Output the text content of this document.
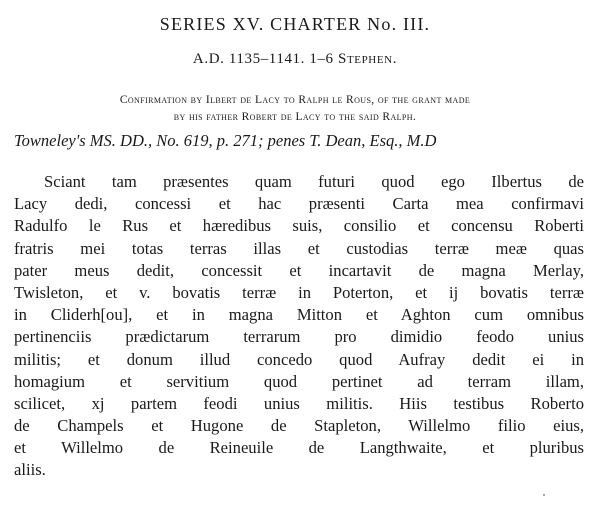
SERIES XV. CHARTER No. III.
A.D. 1135–1141. 1–6 Stephen.
Confirmation by Ilbert de Lacy to Ralph le Rous, of the grant made
by his father Robert de Lacy to the said Ralph.
Towneley's MS. DD., No. 619, p. 271; penes T. Dean, Esq., M.D
Sciant tam præsentes quam futuri quod ego Ilbertus de
Lacy dedi, concessi et hac præsenti Carta mea confirmavi
Radulfo le Rus et hæredibus suis, consilio et concensu Roberti
fratris mei totas terras illas et custodias terræ meæ quas
pater meus dedit, concessit et incartavit de magna Merlay,
Twisleton, et v. bovatis terræ in Poterton, et ij bovatis terræ
in Cliderh[ou], et in magna Mitton et Aghton cum omnibus
pertinenciis prædictarum terrarum pro dimidio feodo unius
militis; et donum illud concedo quod Aufray dedit ei in
homagium et servitium quod pertinet ad terram illam,
scilicet, xj partem feodi unius militis. Hiis testibus Roberto
de Champels et Hugone de Stapleton, Willelmo filio eius,
et Willelmo de Reineuile de Langthwaite, et pluribus
aliis.
